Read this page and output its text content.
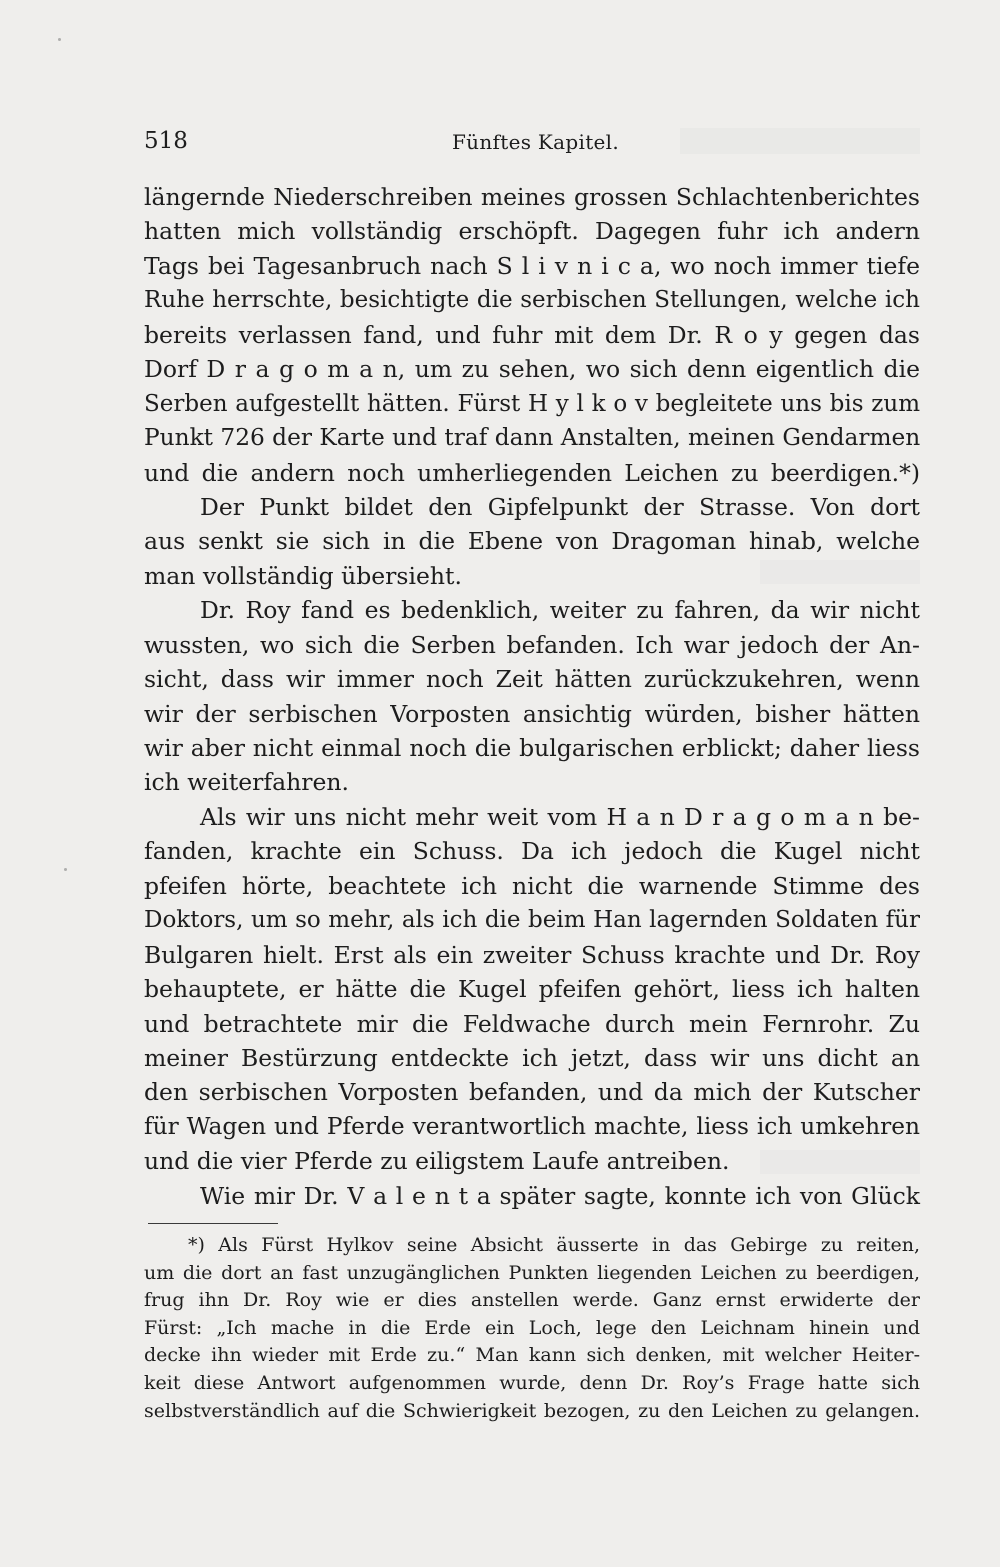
518	Fünftes Kapitel.
längernde Niederschreiben meines grossen Schlachtenberichtes
hatten mich vollständig erschöpft. Dagegen fuhr ich andern
Tags bei Tagesanbruch nach S l i v n i c a, wo noch immer tiefe
Ruhe herrschte, besichtigte die serbischen Stellungen, welche ich
bereits verlassen fand, und fuhr mit dem Dr. R o y gegen das
Dorf D r a g o m a n, um zu sehen, wo sich denn eigentlich die
Serben aufgestellt hätten. Fürst H y l k o v begleitete uns bis zum
Punkt 726 der Karte und traf dann Anstalten, meinen Gendarmen
und die andern noch umherliegenden Leichen zu beerdigen.*)
Der Punkt bildet den Gipfelpunkt der Strasse. Von dort
aus senkt sie sich in die Ebene von Dragoman hinab, welche
man vollständig übersieht.
Dr. Roy fand es bedenklich, weiter zu fahren, da wir nicht
wussten, wo sich die Serben befanden. Ich war jedoch der An-
sicht, dass wir immer noch Zeit hätten zurückzukehren, wenn
wir der serbischen Vorposten ansichtig würden, bisher hätten
wir aber nicht einmal noch die bulgarischen erblickt; daher liess
ich weiterfahren.
Als wir uns nicht mehr weit vom H a n D r a g o m a n be-
fanden, krachte ein Schuss. Da ich jedoch die Kugel nicht
pfeifen hörte, beachtete ich nicht die warnende Stimme des
Doktors, um so mehr, als ich die beim Han lagernden Soldaten für
Bulgaren hielt. Erst als ein zweiter Schuss krachte und Dr. Roy
behauptete, er hätte die Kugel pfeifen gehört, liess ich halten
und betrachtete mir die Feldwache durch mein Fernrohr. Zu
meiner Bestürzung entdeckte ich jetzt, dass wir uns dicht an
den serbischen Vorposten befanden, und da mich der Kutscher
für Wagen und Pferde verantwortlich machte, liess ich umkehren
und die vier Pferde zu eiligstem Laufe antreiben.
Wie mir Dr. V a l e n t a später sagte, konnte ich von Glück
*) Als Fürst Hylkov seine Absicht äusserte in das Gebirge zu reiten,
um die dort an fast unzugänglichen Punkten liegenden Leichen zu beerdigen,
frug ihn Dr. Roy wie er dies anstellen werde. Ganz ernst erwiderte der
Fürst: „Ich mache in die Erde ein Loch, lege den Leichnam hinein und
decke ihn wieder mit Erde zu.“ Man kann sich denken, mit welcher Heiter-
keit diese Antwort aufgenommen wurde, denn Dr. Roy’s Frage hatte sich
selbstverständlich auf die Schwierigkeit bezogen, zu den Leichen zu gelangen.
